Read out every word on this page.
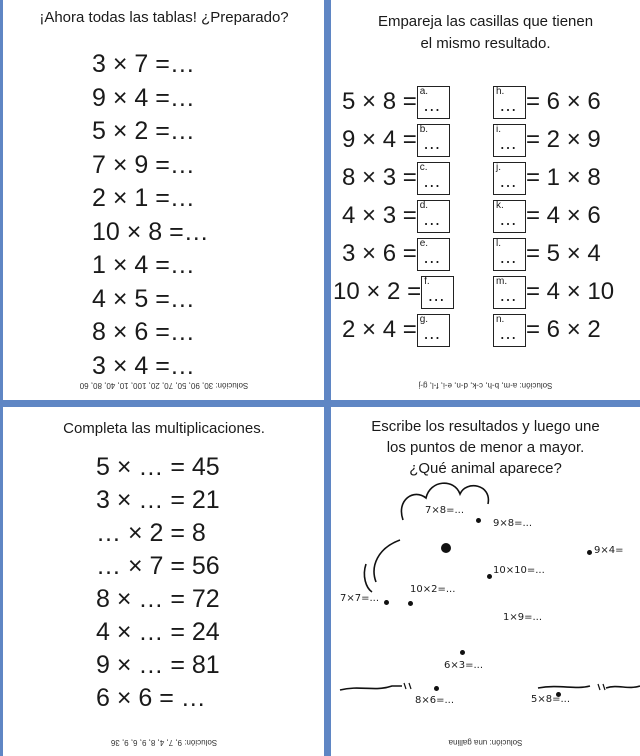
¡Ahora todas las tablas! ¿Preparado?
3 × 7 =…
9 × 4 =…
5 × 2 =…
7 × 9 =…
2 × 1 =…
10 × 8 =…
1 × 4 =…
4 × 5 =…
8 × 6 =…
3 × 4 =…
Solución: 30, 90, 50, 70, 20, 100, 10, 40, 80, 60
Empareja las casillas que tienen
el mismo resultado.
5 × 8 = a.
…
h.
… = 6 × 6
9 × 4 = b.
…
i.
… = 2 × 9
8 × 3 = c.
…
j.
… = 1 × 8
4 × 3 = d.
…
k.
… = 4 × 6
3 × 6 = e.
…
l.
… = 5 × 4
10 × 2 = f.
…
m.
… = 4 × 10
2 × 4 = g.
…
n.
… = 6 × 2
Solución: a-m, b-h, c-k, d-n, e-i, f-l, g-j
Completa las multiplicaciones.
5 × … = 45
3 × … = 21
… × 2 = 8
… × 7 = 56
8 × … = 72
4 × … = 24
9 × … = 81
6 × 6 = …
Solución: 9, 7, 4, 8, 9, 6, 9, 36
Escribe los resultados y luego une
los puntos de menor a mayor.
¿Qué animal aparece?
7×8=...
9×8=...
9×4=
10×10=...
10×2=...
7×7=...
1×9=...
6×3=...
8×6=...	5×8=...
Solución: una gallina
